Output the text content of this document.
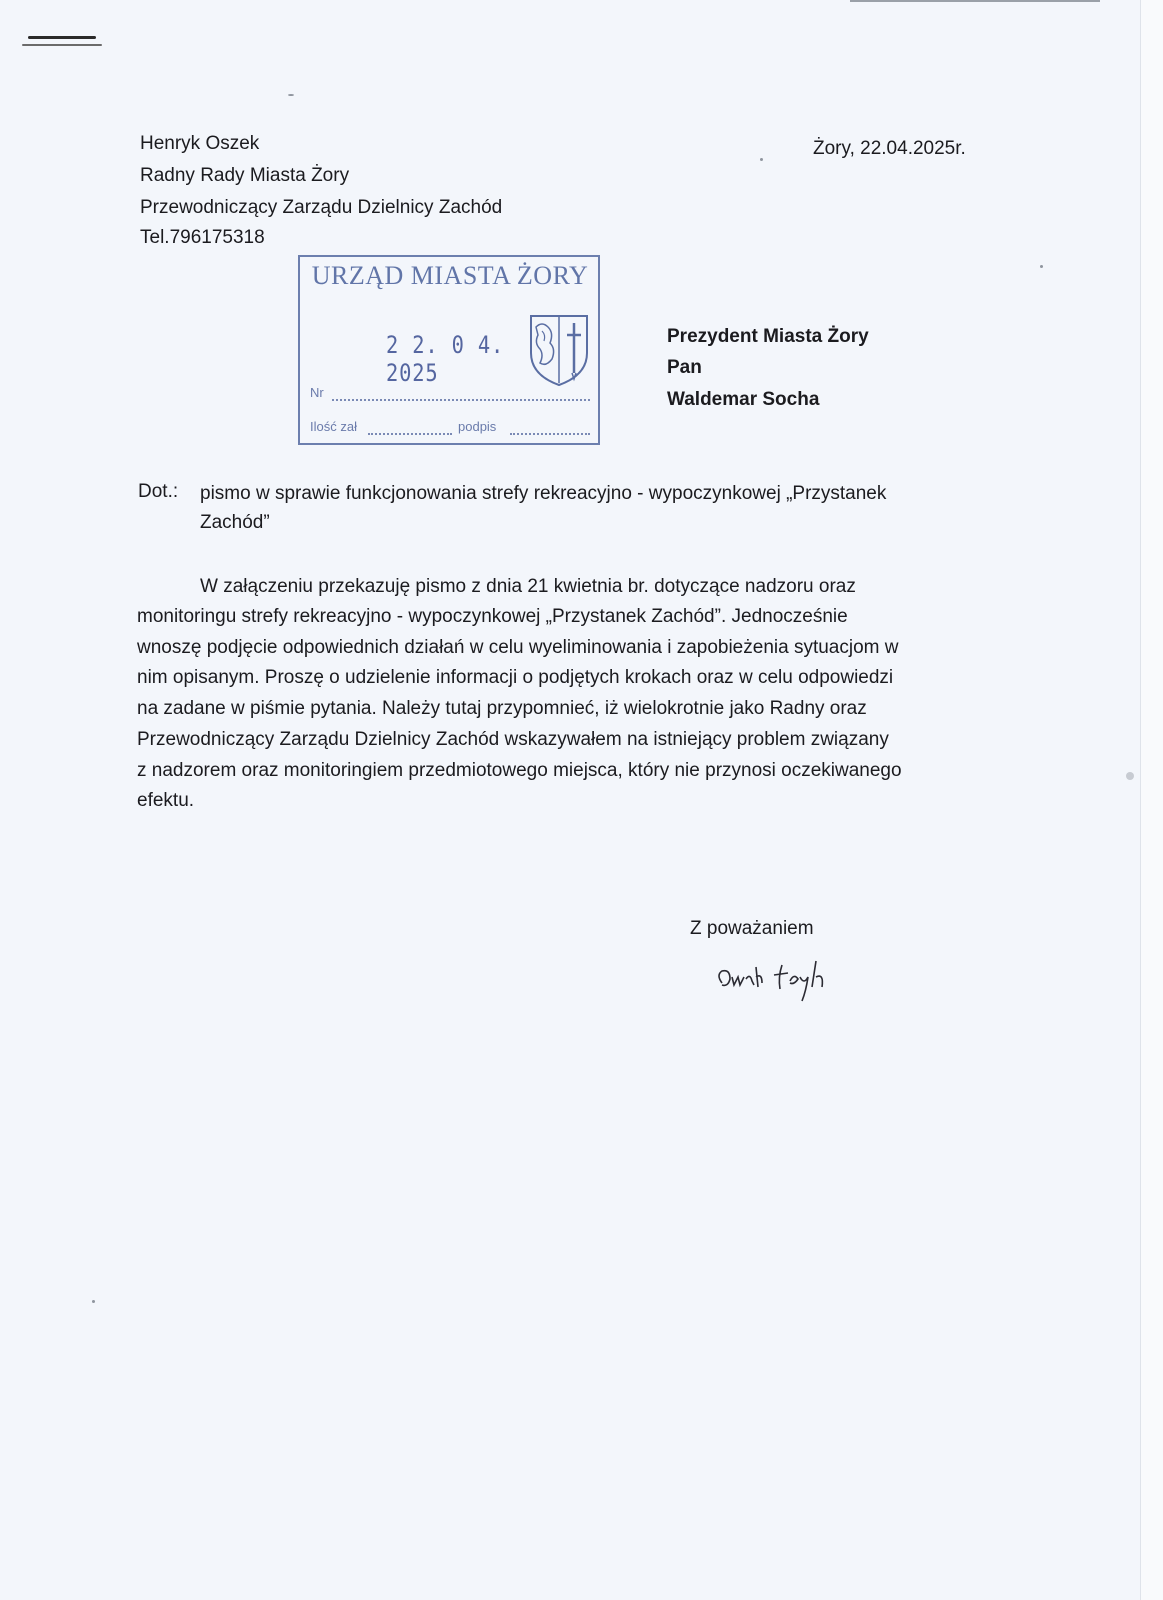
Henryk Oszek
Radny Rady Miasta Żory
Przewodniczący Zarządu Dzielnicy Zachód
Tel.796175318
Żory, 22.04.2025r.
URZĄD MIASTA ŻORY
2 2. 0 4. 2025
Nr
Ilość zał	podpis
Prezydent Miasta Żory
Pan
Waldemar Socha
Dot.: pismo w sprawie funkcjonowania strefy rekreacyjno - wypoczynkowej „Przystanek
Zachód”
W załączeniu przekazuję pismo z dnia 21 kwietnia br. dotyczące nadzoru oraz
monitoringu strefy rekreacyjno - wypoczynkowej „Przystanek Zachód”. Jednocześnie
wnoszę podjęcie odpowiednich działań w celu wyeliminowania i zapobieżenia sytuacjom w
nim opisanym. Proszę o udzielenie informacji o podjętych krokach oraz w celu odpowiedzi
na zadane w piśmie pytania. Należy tutaj przypomnieć, iż wielokrotnie jako Radny oraz
Przewodniczący Zarządu Dzielnicy Zachód wskazywałem na istniejący problem związany
z nadzorem oraz monitoringiem przedmiotowego miejsca, który nie przynosi oczekiwanego
efektu.
Z poważaniem
